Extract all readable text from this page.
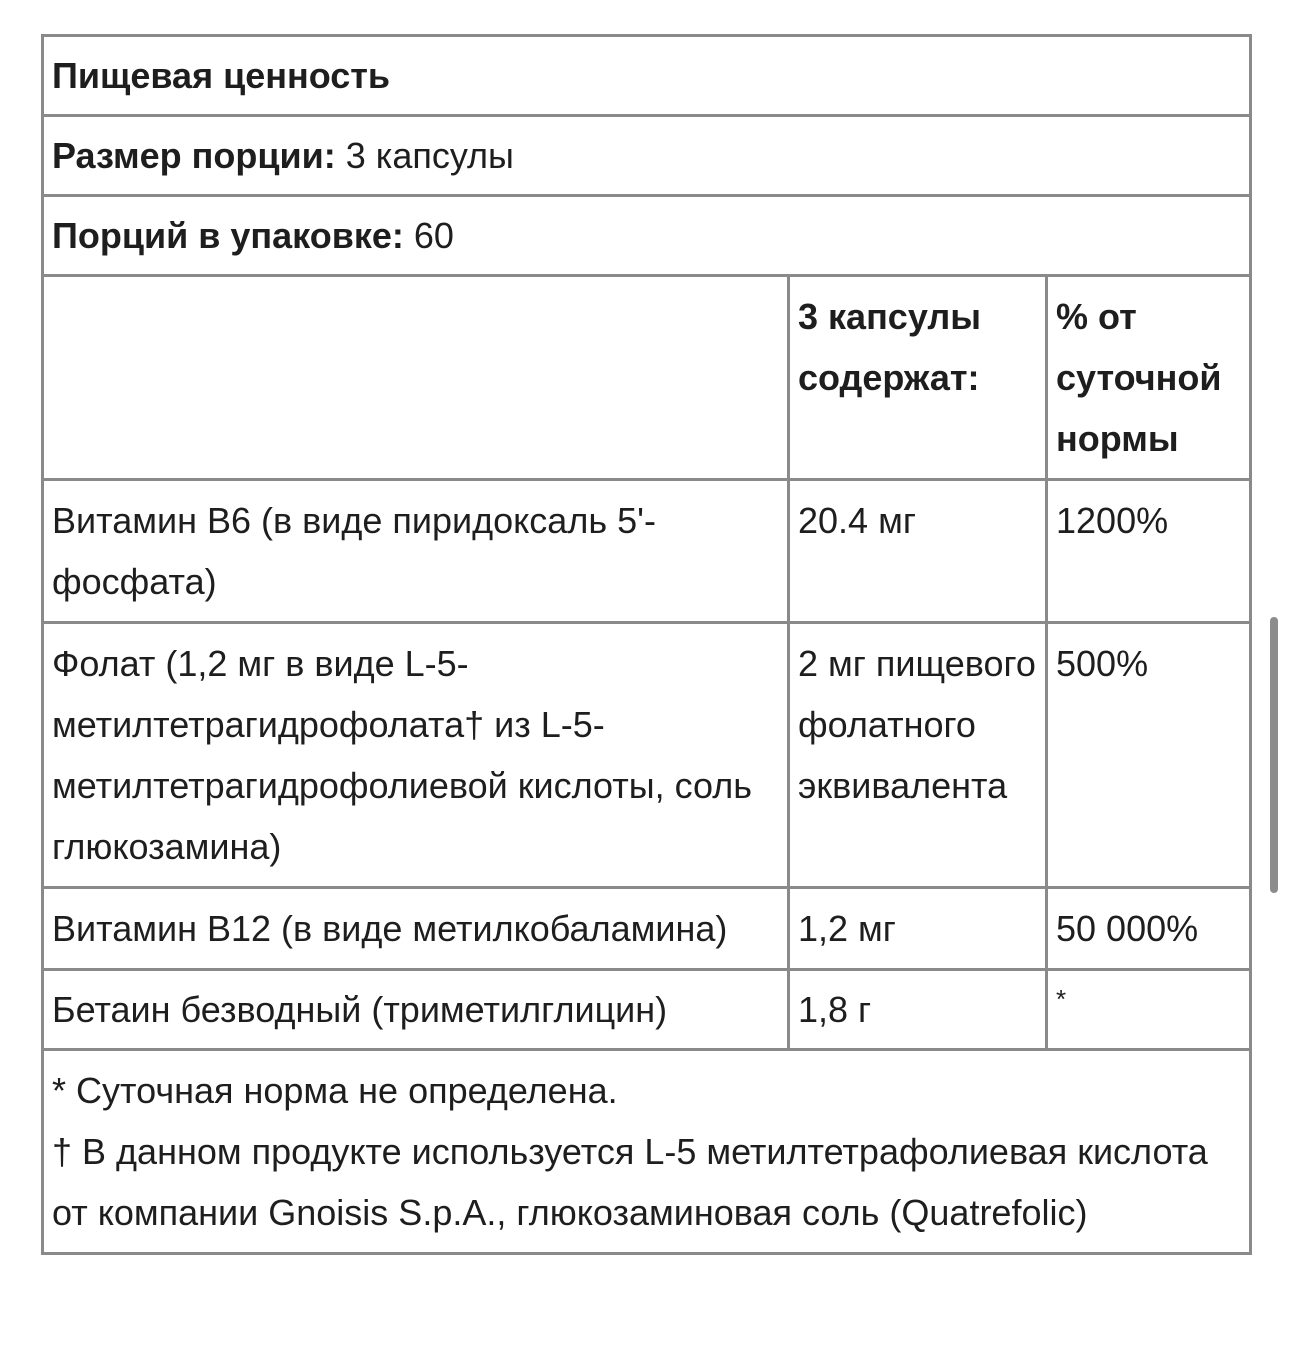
Пищевая ценность		
Размер порции: 3 капсулы		
Порций в упаковке: 60		
	3 капсулы содержат:	% от суточной нормы
Витамин B6 (в виде пиридоксаль 5'-фосфата)	20.4 мг	1200%
Фолат (1,2 мг в виде L-5-метилтетрагидрофолата† из L-5-метилтетрагидрофолиевой кислоты, соль глюкозамина)	2 мг пищевого фолатного эквивалента	500%
Витамин B12 (в виде метилкобаламина)	1,2 мг	50 000%
Бетаин безводный (триметилглицин)	1,8 г	*

* Суточная норма не определена.
† В данном продукте используется L-5 метилтетрафолиевая кислота от компании Gnoisis S.p.A., глюкозаминовая соль (Quatrefolic)		
